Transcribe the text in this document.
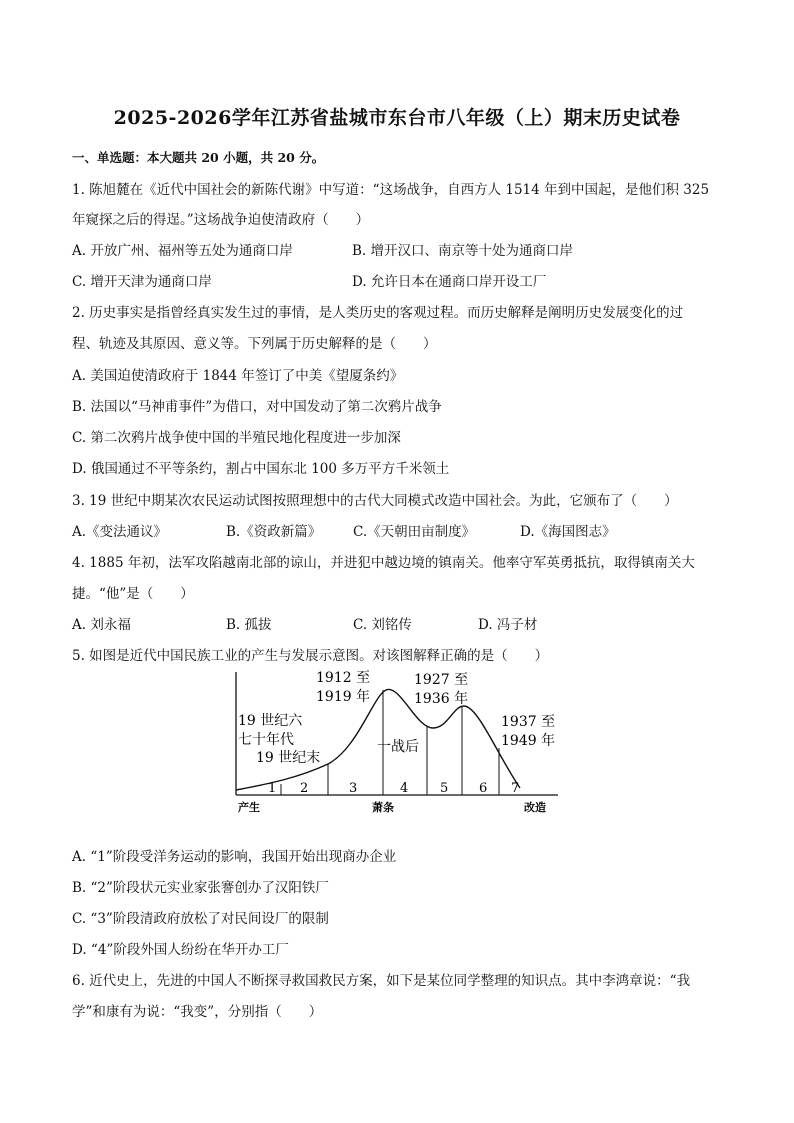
2025-2026学年江苏省盐城市东台市八年级（上）期末历史试卷
一、单选题：本大题共 20 小题，共 20 分。
1. 陈旭麓在《近代中国社会的新陈代谢》中写道：“这场战争，自西方人 1514 年到中国起，是他们积 325
年窥探之后的得逞。”这场战争迫使清政府（　　）
A. 开放广州、福州等五处为通商口岸	B. 增开汉口、南京等十处为通商口岸
C. 增开天津为通商口岸	D. 允许日本在通商口岸开设工厂
2. 历史事实是指曾经真实发生过的事情，是人类历史的客观过程。而历史解释是阐明历史发展变化的过
程、轨迹及其原因、意义等。下列属于历史解释的是（　　）
A. 美国迫使清政府于 1844 年签订了中美《望厦条约》
B. 法国以“马神甫事件”为借口，对中国发动了第二次鸦片战争
C. 第二次鸦片战争使中国的半殖民地化程度进一步加深
D. 俄国通过不平等条约，割占中国东北 100 多万平方千米领土
3. 19 世纪中期某次农民运动试图按照理想中的古代大同模式改造中国社会。为此，它颁布了（　　）
A.《变法通议》	B.《资政新篇》 C.《天朝田亩制度》	D.《海国图志》
4. 1885 年初，法军攻陷越南北部的谅山，并进犯中越边境的镇南关。他率守军英勇抵抗，取得镇南关大
捷。“他”是（　　）
A. 刘永福	B. 孤拔	C. 刘铭传	D. 冯子材
5. 如图是近代中国民族工业的产生与发展示意图。对该图解释正确的是（　　）
1 2	3	4 5 6 7
19 世纪六
七十年代
19 世纪末
1912 至
1919 年
1927 至
1936 年
1937 至
1949 年
一战后
产生	萧条	改造
A. “1”阶段受洋务运动的影响，我国开始出现商办企业
B. “2”阶段状元实业家张謇创办了汉阳铁厂
C. “3”阶段清政府放松了对民间设厂的限制
D. “4”阶段外国人纷纷在华开办工厂
6. 近代史上，先进的中国人不断探寻救国救民方案，如下是某位同学整理的知识点。其中李鸿章说：“我
学”和康有为说：“我变”，分别指（　　）
